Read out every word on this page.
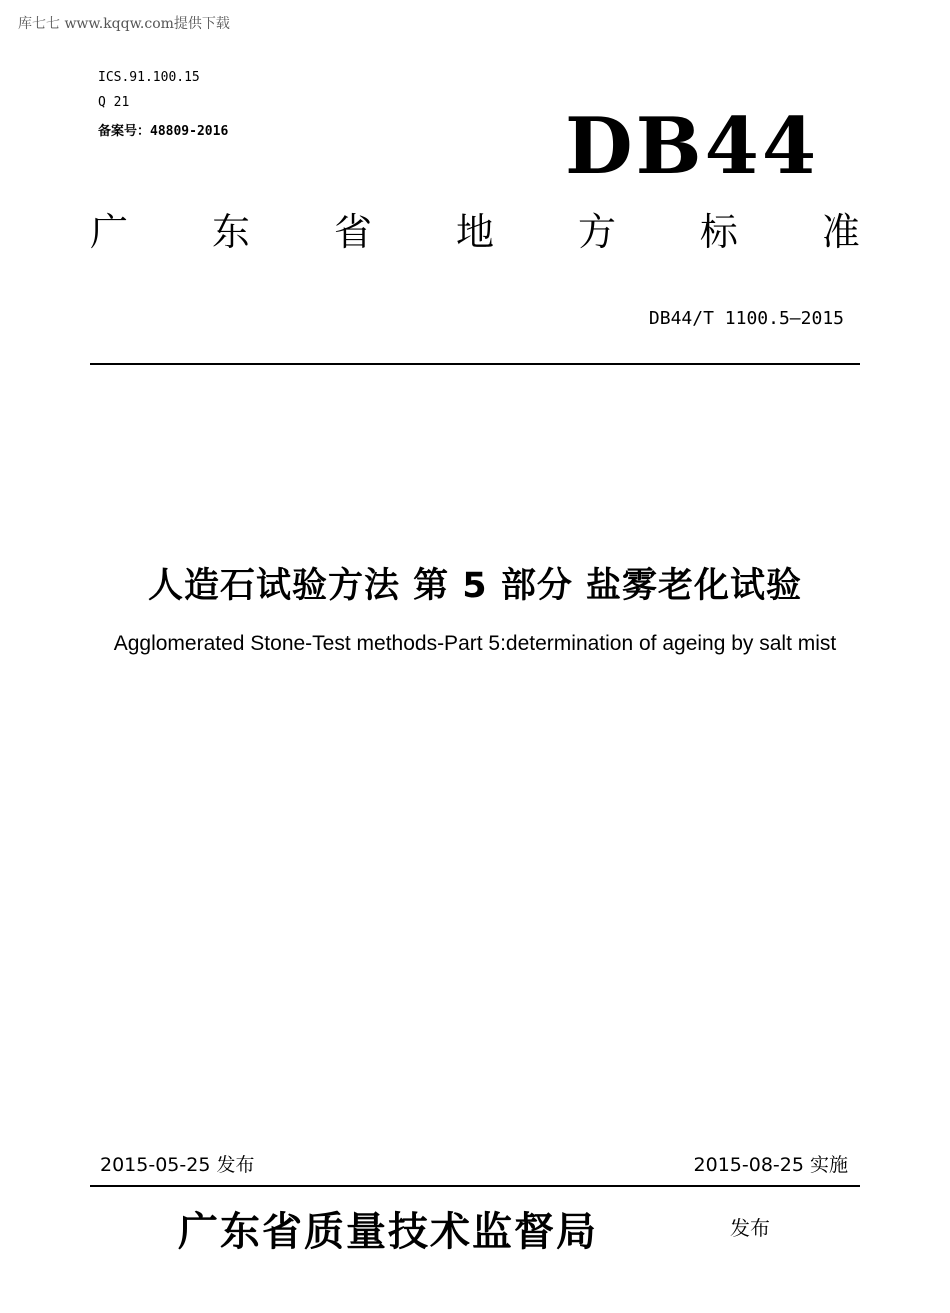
库七七 www.kqqw.com提供下载
ICS.91.100.15
Q 21
备案号：48809-2016	DB44
广 东 省 地 方 标 准
DB44/T 1100.5—2015
人造石试验方法 第 5 部分 盐雾老化试验
Agglomerated Stone-Test methods-Part 5:determination of ageing by salt mist
2015-05-25 发布	2015-08-25 实施
广东省质量技术监督局	发布
